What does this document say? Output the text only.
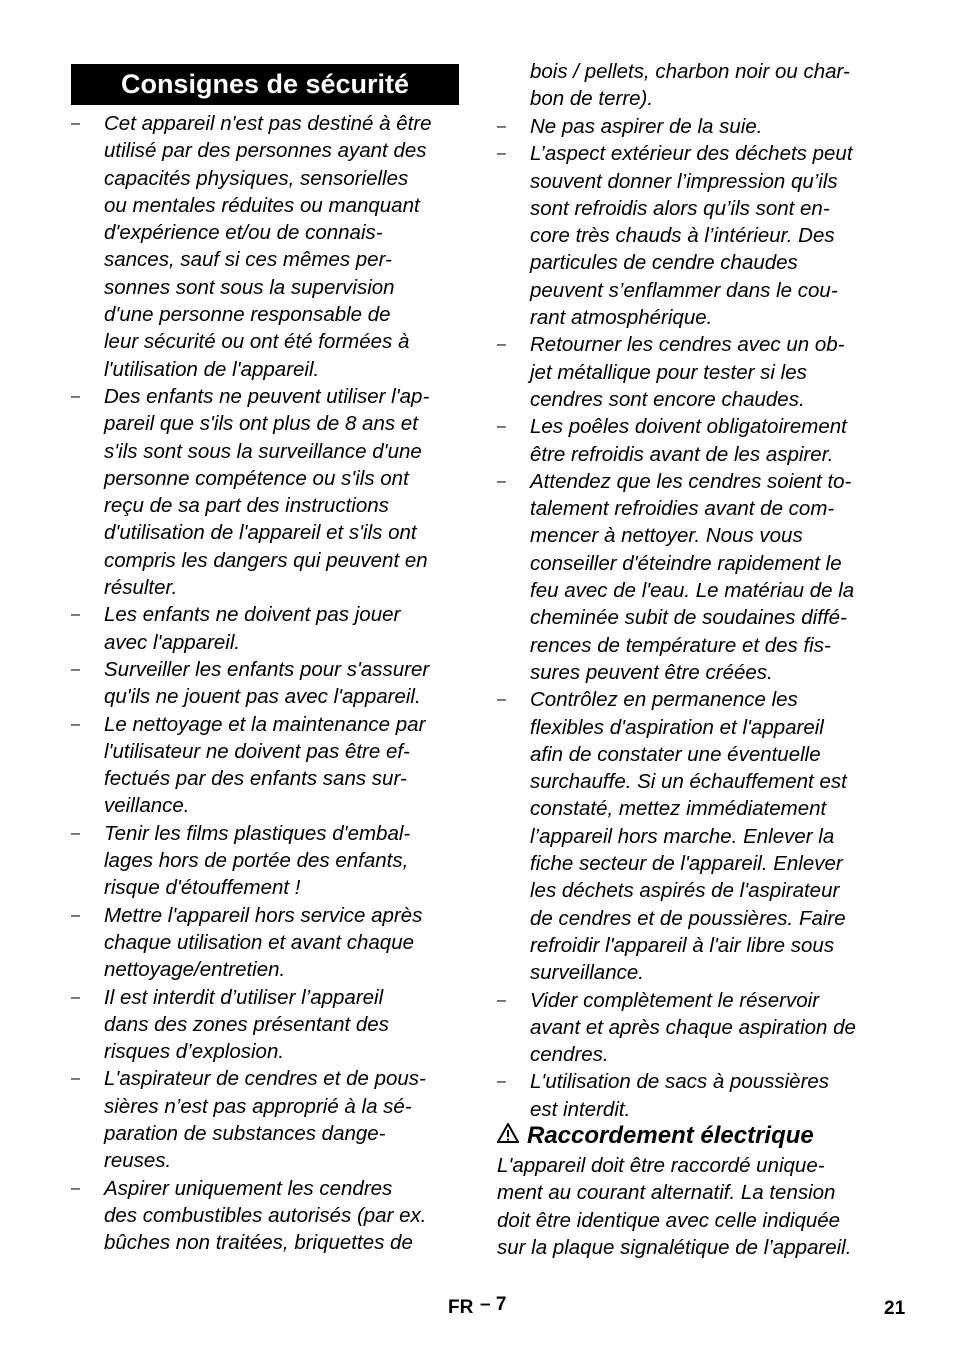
Consignes de sécurité
– Cet appareil n'est pas destiné à être
utilisé par des personnes ayant des
capacités physiques, sensorielles
ou mentales réduites ou manquant
d'expérience et/ou de connais-
sances, sauf si ces mêmes per-
sonnes sont sous la supervision
d'une personne responsable de
leur sécurité ou ont été formées à
l'utilisation de l'appareil.
– Des enfants ne peuvent utiliser l'ap-
pareil que s'ils ont plus de 8 ans et
s'ils sont sous la surveillance d'une
personne compétence ou s'ils ont
reçu de sa part des instructions
d'utilisation de l'appareil et s'ils ont
compris les dangers qui peuvent en
résulter.
– Les enfants ne doivent pas jouer
avec l'appareil.
– Surveiller les enfants pour s'assurer
qu'ils ne jouent pas avec l'appareil.
– Le nettoyage et la maintenance par
l'utilisateur ne doivent pas être ef-
fectués par des enfants sans sur-
veillance.
– Tenir les films plastiques d'embal-
lages hors de portée des enfants,
risque d'étouffement !
– Mettre l'appareil hors service après
chaque utilisation et avant chaque
nettoyage/entretien.
– Il est interdit d’utiliser l’appareil
dans des zones présentant des
risques d’explosion.
– L'aspirateur de cendres et de pous-
sières n’est pas approprié à la sé-
paration de substances dange-
reuses.
– Aspirer uniquement les cendres
des combustibles autorisés (par ex.
bûches non traitées, briquettes de
bois / pellets, charbon noir ou char-
bon de terre).
– Ne pas aspirer de la suie.
– L’aspect extérieur des déchets peut
souvent donner l’impression qu’ils
sont refroidis alors qu’ils sont en-
core très chauds à l’intérieur. Des
particules de cendre chaudes
peuvent s’enflammer dans le cou-
rant atmosphérique.
– Retourner les cendres avec un ob-
jet métallique pour tester si les
cendres sont encore chaudes.
– Les poêles doivent obligatoirement
être refroidis avant de les aspirer.
– Attendez que les cendres soient to-
talement refroidies avant de com-
mencer à nettoyer. Nous vous
conseiller d'éteindre rapidement le
feu avec de l'eau. Le matériau de la
cheminée subit de soudaines diffé-
rences de température et des fis-
sures peuvent être créées.
– Contrôlez en permanence les
flexibles d'aspiration et l'appareil
afin de constater une éventuelle
surchauffe. Si un échauffement est
constaté, mettez immédiatement
l’appareil hors marche. Enlever la
fiche secteur de l'appareil. Enlever
les déchets aspirés de l'aspirateur
de cendres et de poussières. Faire
refroidir l'appareil à l'air libre sous
surveillance.
– Vider complètement le réservoir
avant et après chaque aspiration de
cendres.
– L'utilisation de sacs à poussières
est interdit.
Raccordement électrique
L'appareil doit être raccordé unique-
ment au courant alternatif. La tension
doit être identique avec celle indiquée
sur la plaque signalétique de l’appareil.
FR – 7	21
